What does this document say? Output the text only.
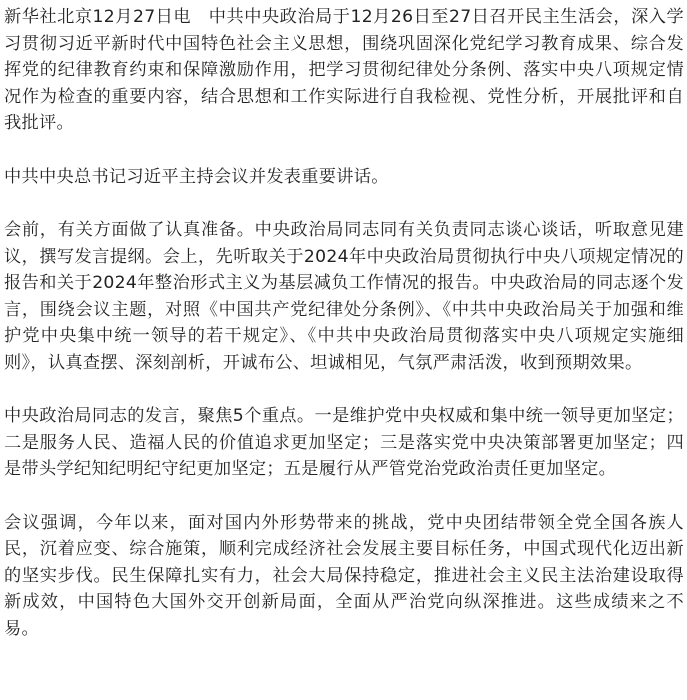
新华社北京12月27日电　中共中央政治局于12月26日至27日召开民主生活会，深入学习贯彻习近平新时代中国特色社会主义思想，围绕巩固深化党纪学习教育成果、综合发挥党的纪律教育约束和保障激励作用，把学习贯彻纪律处分条例、落实中央八项规定情况作为检查的重要内容，结合思想和工作实际进行自我检视、党性分析，开展批评和自我批评。

中共中央总书记习近平主持会议并发表重要讲话。

会前，有关方面做了认真准备。中央政治局同志同有关负责同志谈心谈话，听取意见建议，撰写发言提纲。会上，先听取关于2024年中央政治局贯彻执行中央八项规定情况的报告和关于2024年整治形式主义为基层减负工作情况的报告。中央政治局的同志逐个发言，围绕会议主题，对照《中国共产党纪律处分条例》、《中共中央政治局关于加强和维护党中央集中统一领导的若干规定》、《中共中央政治局贯彻落实中央八项规定实施细则》，认真查摆、深刻剖析，开诚布公、坦诚相见，气氛严肃活泼，收到预期效果。

中央政治局同志的发言，聚焦5个重点。一是维护党中央权威和集中统一领导更加坚定；二是服务人民、造福人民的价值追求更加坚定；三是落实党中央决策部署更加坚定；四是带头学纪知纪明纪守纪更加坚定；五是履行从严管党治党政治责任更加坚定。

会议强调，今年以来，面对国内外形势带来的挑战，党中央团结带领全党全国各族人民，沉着应变、综合施策，顺利完成经济社会发展主要目标任务，中国式现代化迈出新的坚实步伐。民生保障扎实有力，社会大局保持稳定，推进社会主义民主法治建设取得新成效，中国特色大国外交开创新局面，全面从严治党向纵深推进。这些成绩来之不易。
